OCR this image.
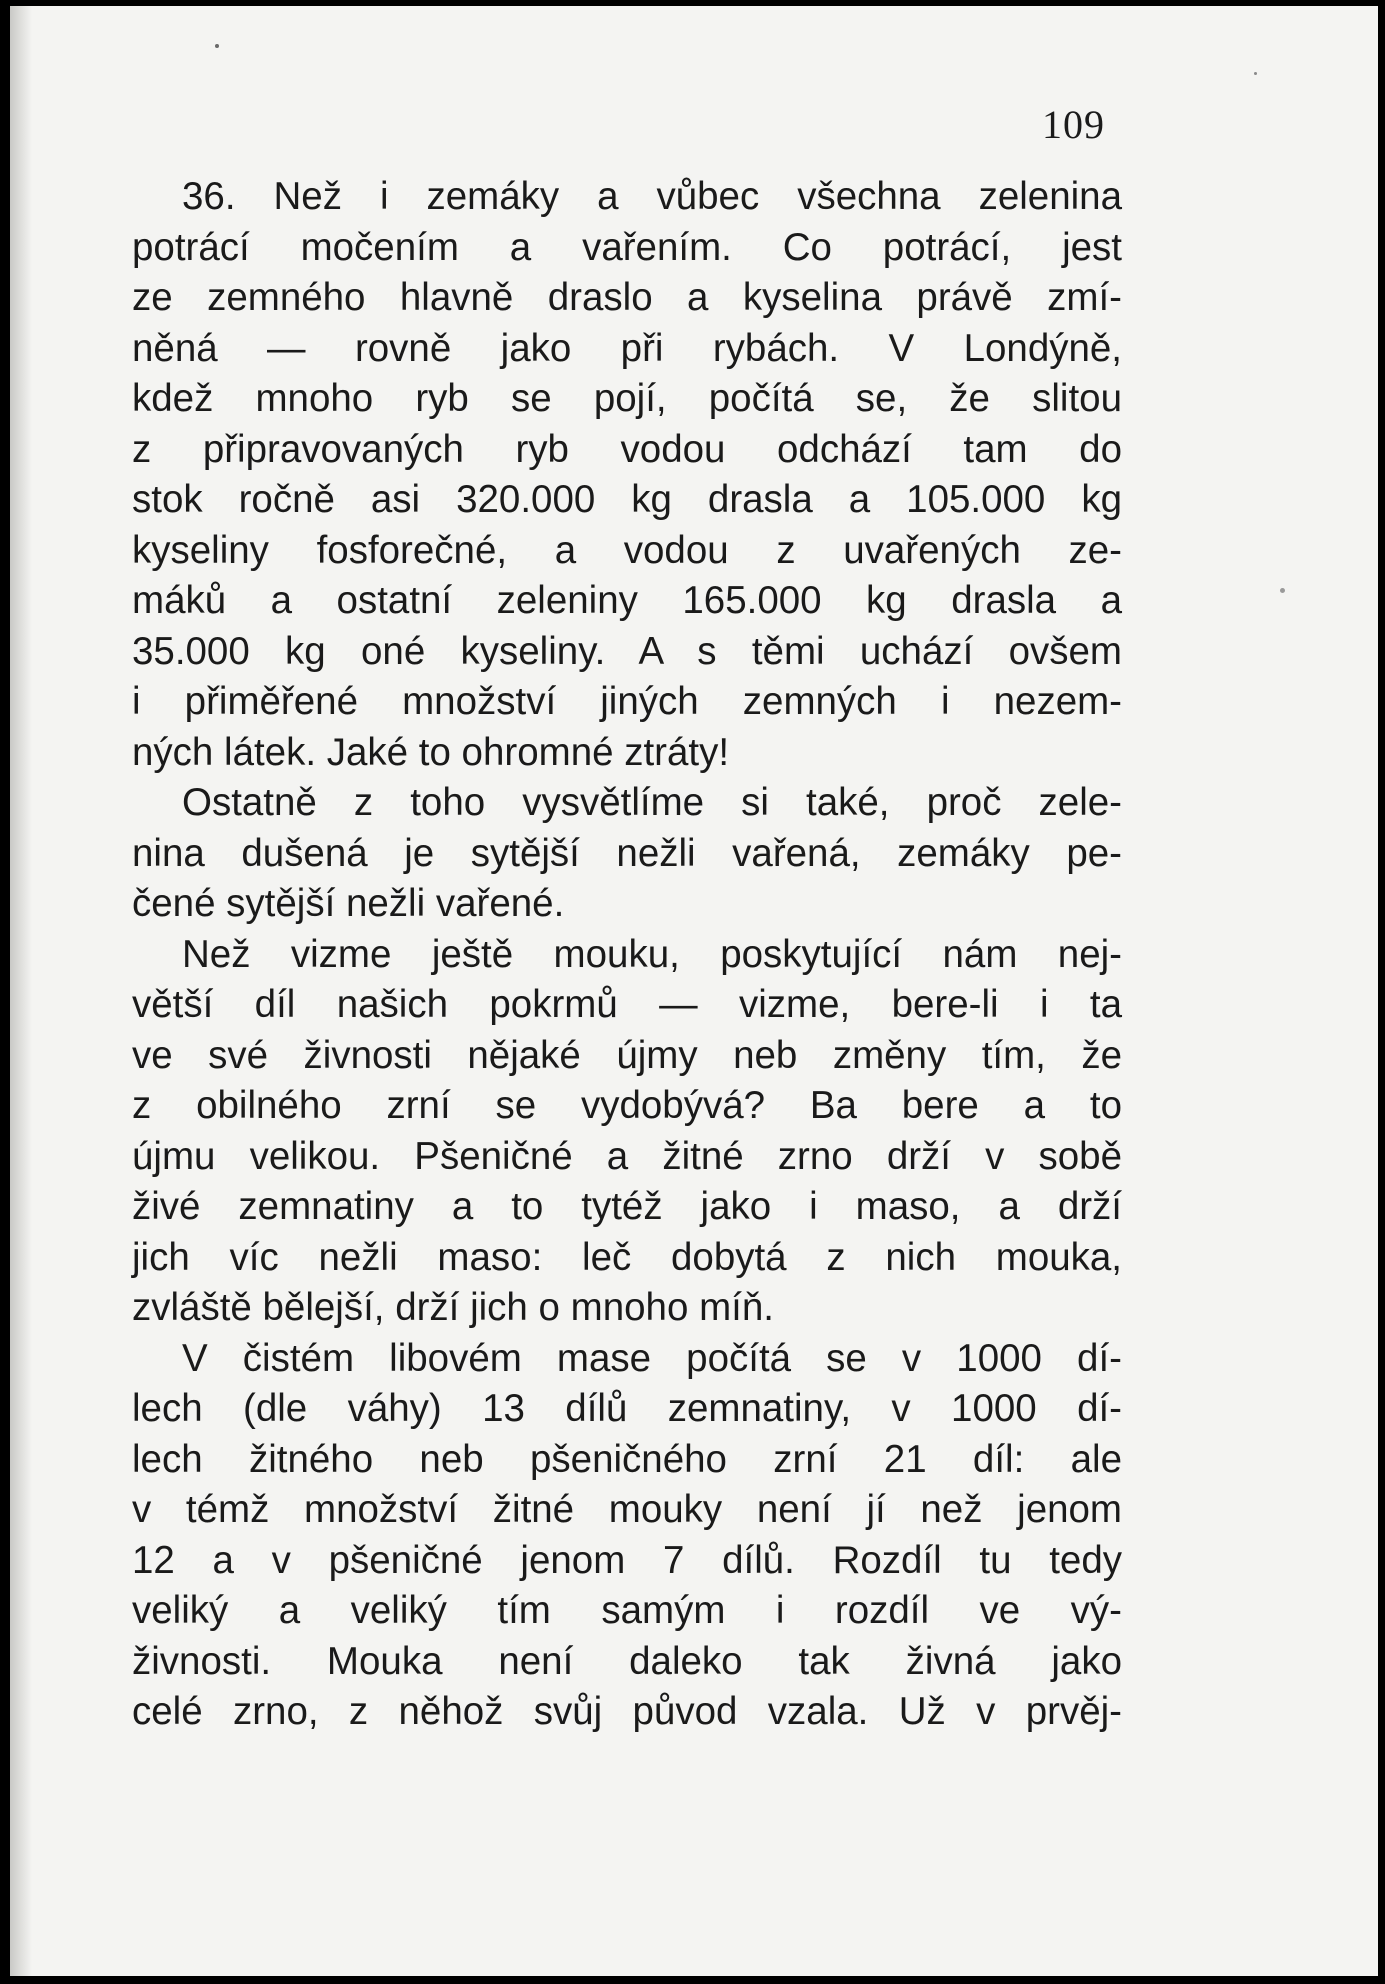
109
36. Než i zemáky a vůbec všechna zelenina
potrácí močením a vařením. Co potrácí, jest
ze zemného hlavně draslo a kyselina právě zmí-
něná — rovně jako při rybách. V Londýně,
kdež mnoho ryb se pojí, počítá se, že slitou
z připravovaných ryb vodou odchází tam do
stok ročně asi 320.000 kg drasla a 105.000 kg
kyseliny fosforečné, a vodou z uvařených ze-
máků a ostatní zeleniny 165.000 kg drasla a
35.000 kg oné kyseliny. A s těmi uchází ovšem
i přiměřené množství jiných zemných i nezem-
ných látek. Jaké to ohromné ztráty!
Ostatně z toho vysvětlíme si také, proč zele-
nina dušená je sytější nežli vařená, zemáky pe-
čené sytější nežli vařené.
Než vizme ještě mouku, poskytující nám nej-
větší díl našich pokrmů — vizme, bere-li i ta
ve své živnosti nějaké újmy neb změny tím, že
z obilného zrní se vydobývá? Ba bere a to
újmu velikou. Pšeničné a žitné zrno drží v sobě
živé zemnatiny a to tytéž jako i maso, a drží
jich víc nežli maso: leč dobytá z nich mouka,
zvláště bělejší, drží jich o mnoho míň.
V čistém libovém mase počítá se v 1000 dí-
lech (dle váhy) 13 dílů zemnatiny, v 1000 dí-
lech žitného neb pšeničného zrní 21 díl: ale
v témž množství žitné mouky není jí než jenom
12 a v pšeničné jenom 7 dílů. Rozdíl tu tedy
veliký a veliký tím samým i rozdíl ve vý-
živnosti. Mouka není daleko tak živná jako
celé zrno, z něhož svůj původ vzala. Už v prvěj-
